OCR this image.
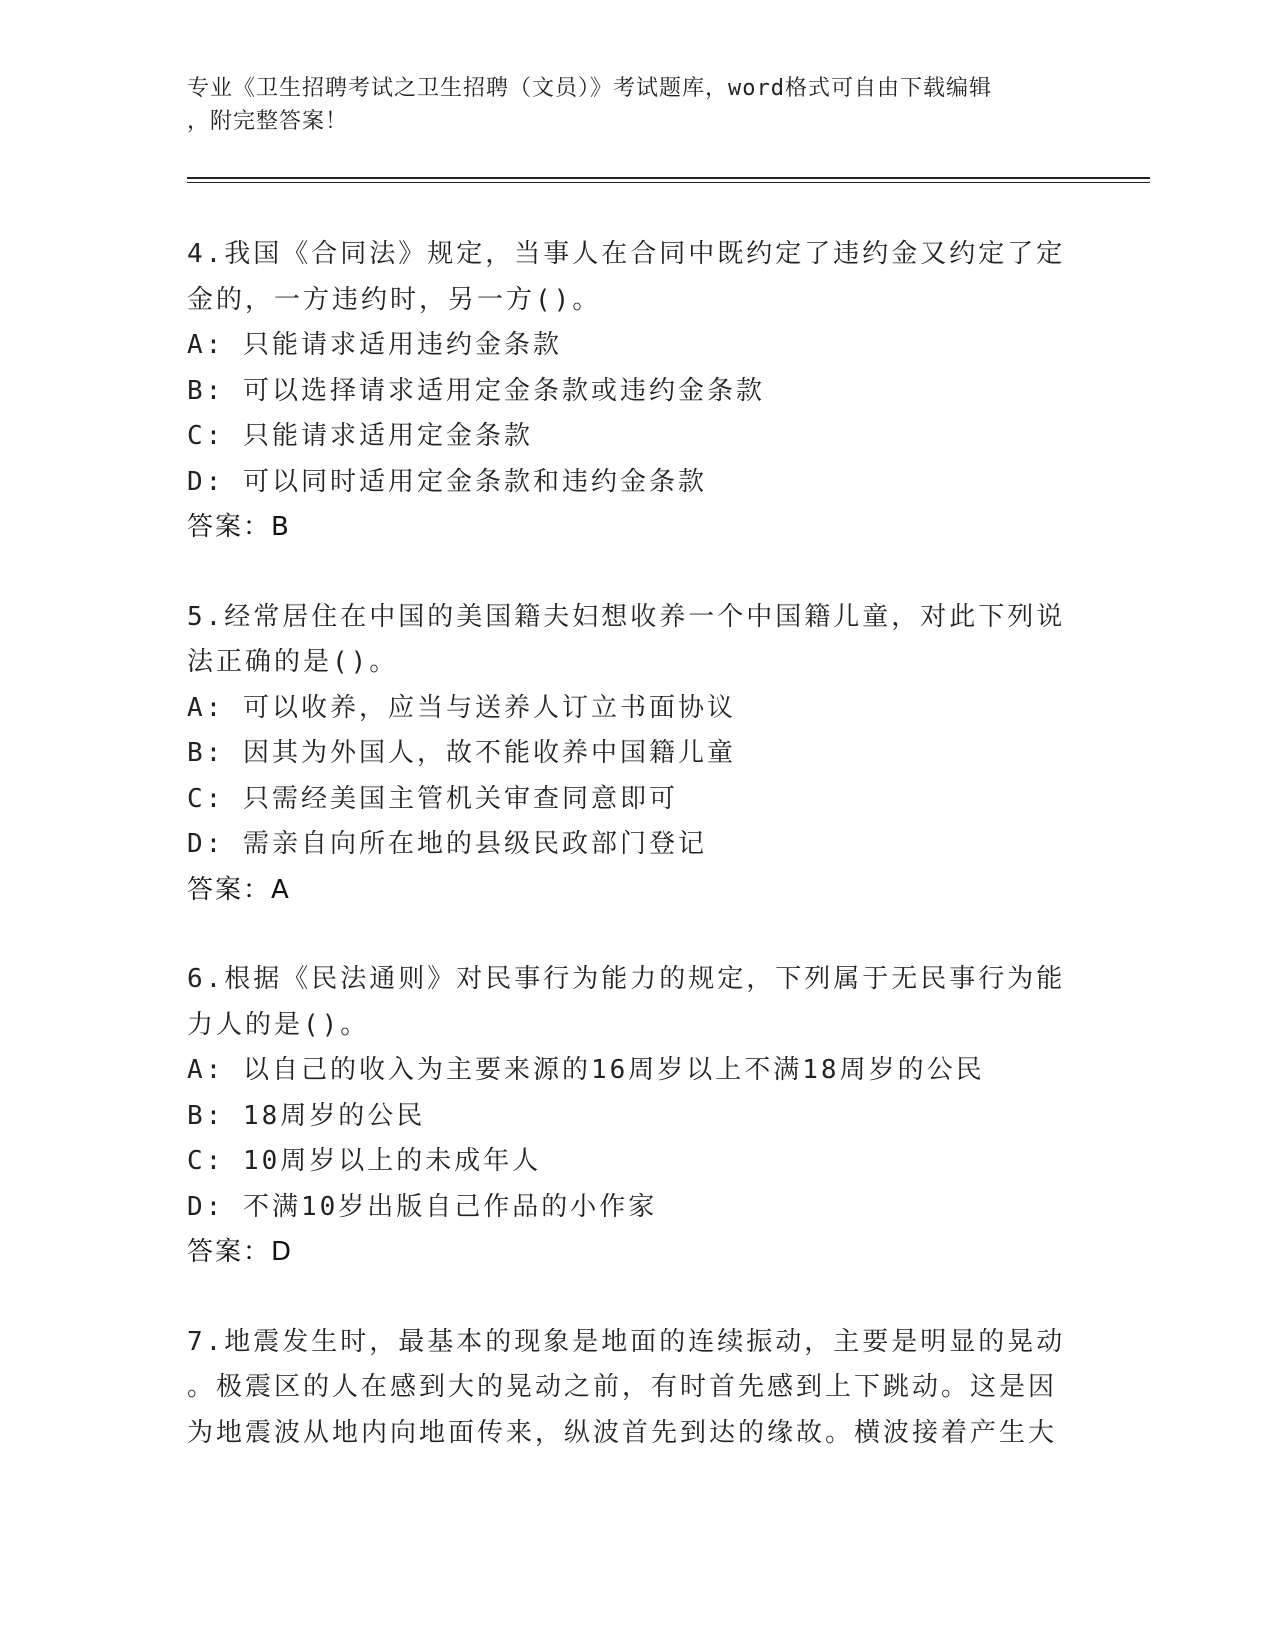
专业《卫生招聘考试之卫生招聘（文员）》考试题库，word格式可自由下载编辑
，附完整答案！
4.我国《合同法》规定，当事人在合同中既约定了违约金又约定了定
金的，一方违约时，另一方()。
A: 只能请求适用违约金条款
B: 可以选择请求适用定金条款或违约金条款
C: 只能请求适用定金条款
D: 可以同时适用定金条款和违约金条款
答案：B
5.经常居住在中国的美国籍夫妇想收养一个中国籍儿童，对此下列说
法正确的是()。
A: 可以收养，应当与送养人订立书面协议
B: 因其为外国人，故不能收养中国籍儿童
C: 只需经美国主管机关审查同意即可
D: 需亲自向所在地的县级民政部门登记
答案：A
6.根据《民法通则》对民事行为能力的规定，下列属于无民事行为能
力人的是()。
A: 以自己的收入为主要来源的16周岁以上不满18周岁的公民
B: 18周岁的公民
C: 10周岁以上的未成年人
D: 不满10岁出版自己作品的小作家
答案：D
7.地震发生时，最基本的现象是地面的连续振动，主要是明显的晃动
。极震区的人在感到大的晃动之前，有时首先感到上下跳动。这是因
为地震波从地内向地面传来，纵波首先到达的缘故。横波接着产生大
